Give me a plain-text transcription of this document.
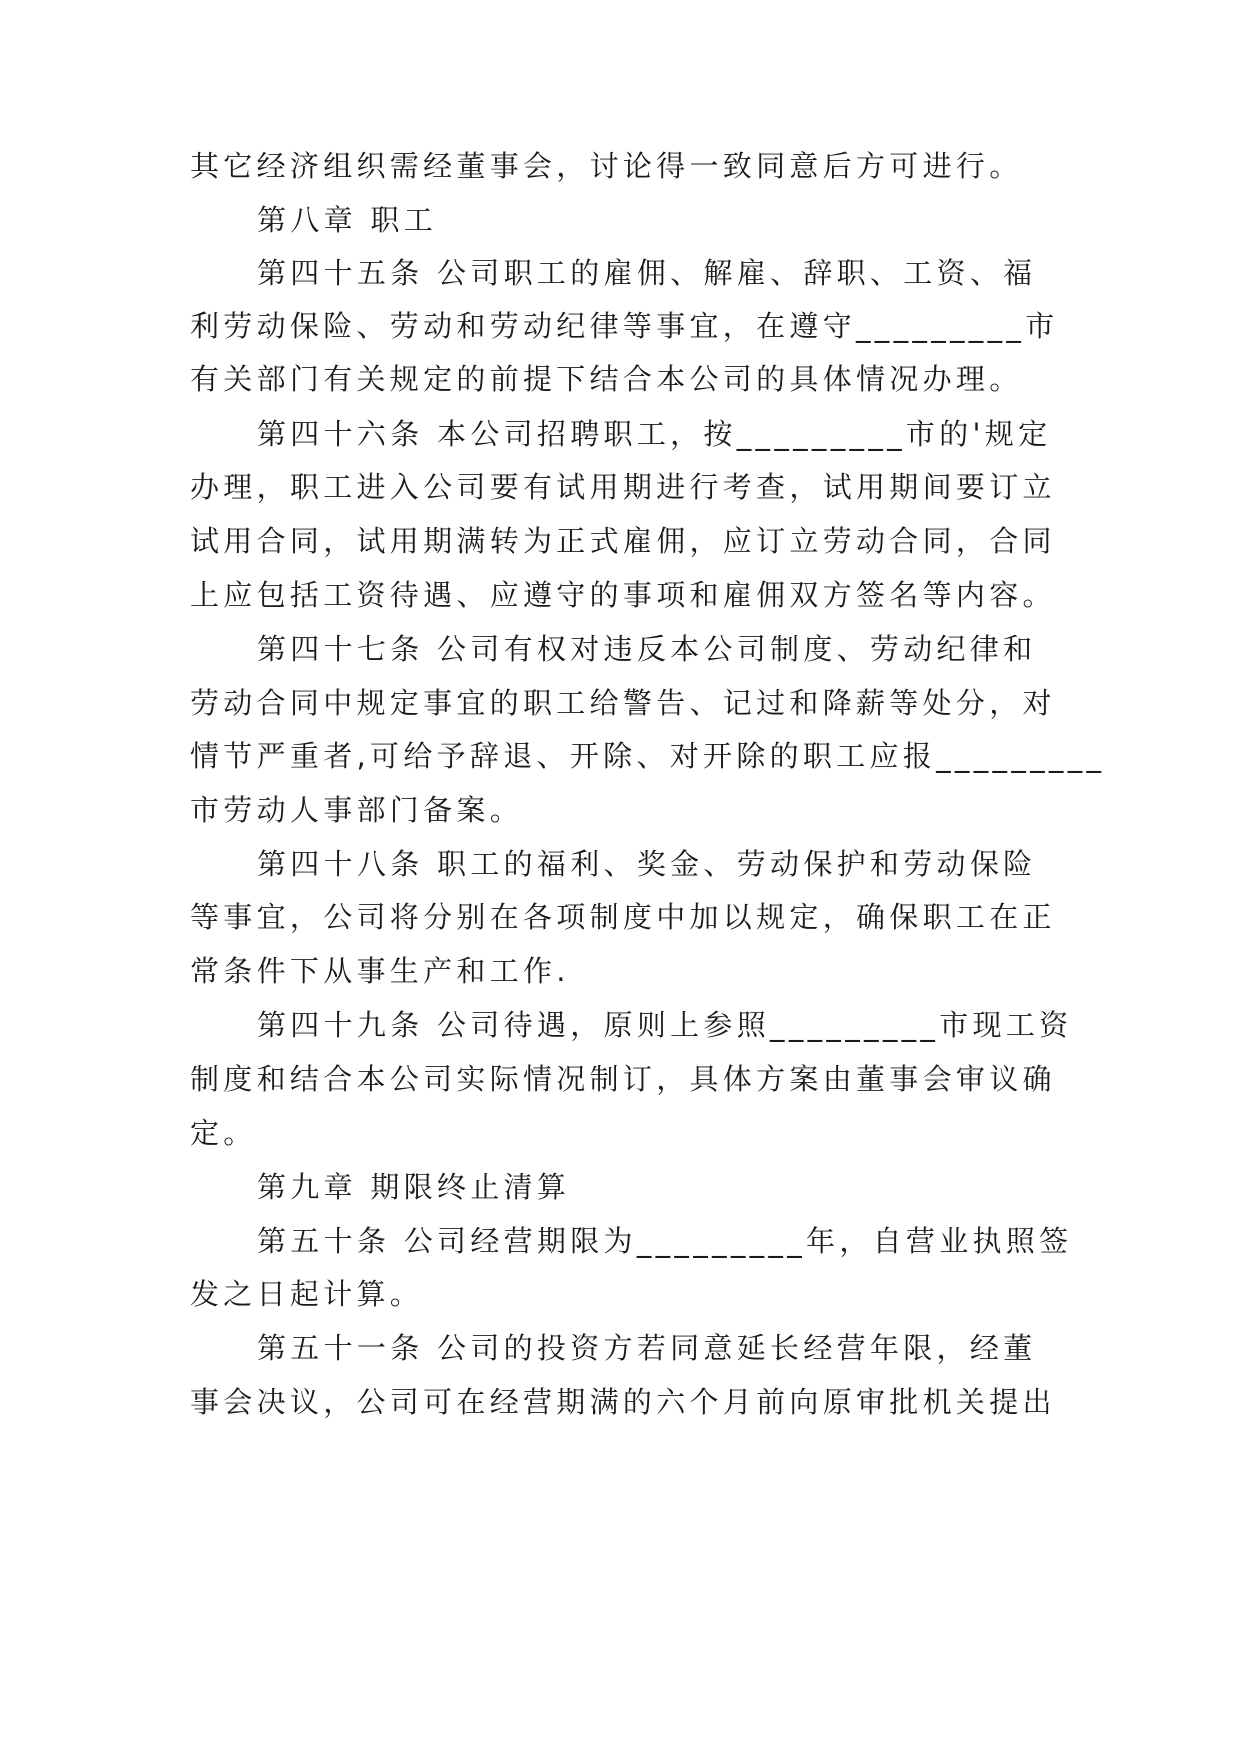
其它经济组织需经董事会，讨论得一致同意后方可进行。
第八章 职工
第四十五条 公司职工的雇佣、解雇、辞职、工资、福
利劳动保险、劳动和劳动纪律等事宜，在遵守_________市
有关部门有关规定的前提下结合本公司的具体情况办理。
第四十六条 本公司招聘职工，按_________市的'规定
办理，职工进入公司要有试用期进行考查，试用期间要订立
试用合同，试用期满转为正式雇佣，应订立劳动合同，合同
上应包括工资待遇、应遵守的事项和雇佣双方签名等内容。
第四十七条 公司有权对违反本公司制度、劳动纪律和
劳动合同中规定事宜的职工给警告、记过和降薪等处分，对
情节严重者,可给予辞退、开除、对开除的职工应报_________
市劳动人事部门备案。
第四十八条 职工的福利、奖金、劳动保护和劳动保险
等事宜，公司将分别在各项制度中加以规定，确保职工在正
常条件下从事生产和工作.
第四十九条 公司待遇，原则上参照_________市现工资
制度和结合本公司实际情况制订，具体方案由董事会审议确
定。
第九章 期限终止清算
第五十条 公司经营期限为_________年，自营业执照签
发之日起计算。
第五十一条 公司的投资方若同意延长经营年限，经董
事会决议，公司可在经营期满的六个月前向原审批机关提出
